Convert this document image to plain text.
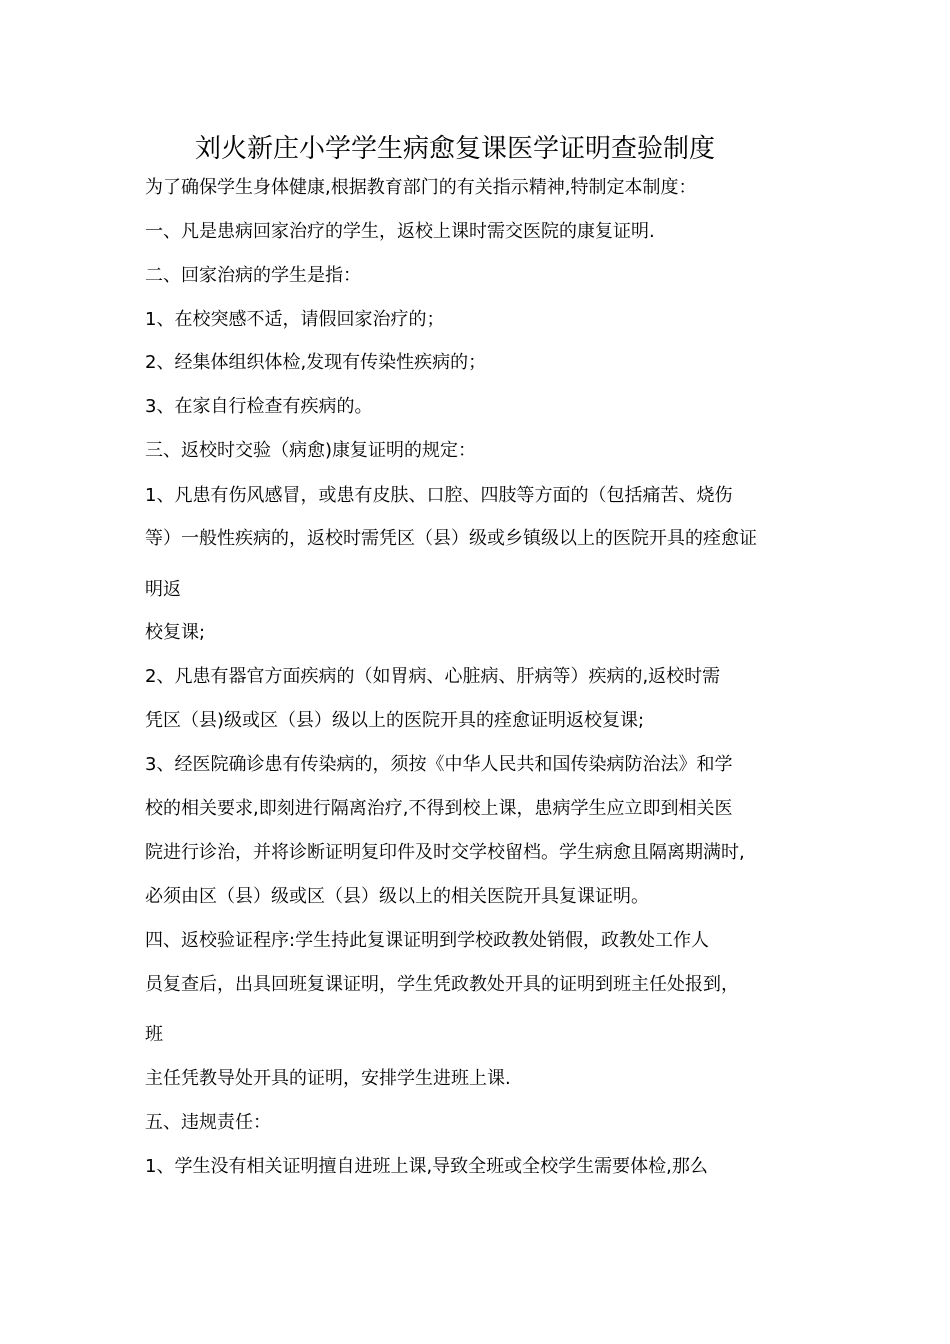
刘火新庄小学学生病愈复课医学证明查验制度
为了确保学生身体健康,根据教育部门的有关指示精神,特制定本制度：
一、凡是患病回家治疗的学生，返校上课时需交医院的康复证明.
二、回家治病的学生是指：
1、在校突感不适，请假回家治疗的；
2、经集体组织体检,发现有传染性疾病的；
3、在家自行检查有疾病的。
三、返校时交验（病愈)康复证明的规定：
1、凡患有伤风感冒，或患有皮肤、口腔、四肢等方面的（包括痛苦、烧伤
等）一般性疾病的，返校时需凭区（县）级或乡镇级以上的医院开具的痊愈证
明返
校复课;
2、凡患有器官方面疾病的（如胃病、心脏病、肝病等）疾病的,返校时需
凭区（县)级或区（县）级以上的医院开具的痊愈证明返校复课;
3、经医院确诊患有传染病的，须按《中华人民共和国传染病防治法》和学
校的相关要求,即刻进行隔离治疗,不得到校上课，患病学生应立即到相关医
院进行诊治，并将诊断证明复印件及时交学校留档。学生病愈且隔离期满时,
必须由区（县）级或区（县）级以上的相关医院开具复课证明。
四、返校验证程序:学生持此复课证明到学校政教处销假，政教处工作人
员复查后，出具回班复课证明，学生凭政教处开具的证明到班主任处报到，
班
主任凭教导处开具的证明，安排学生进班上课.
五、违规责任：
1、学生没有相关证明擅自进班上课,导致全班或全校学生需要体检,那么
